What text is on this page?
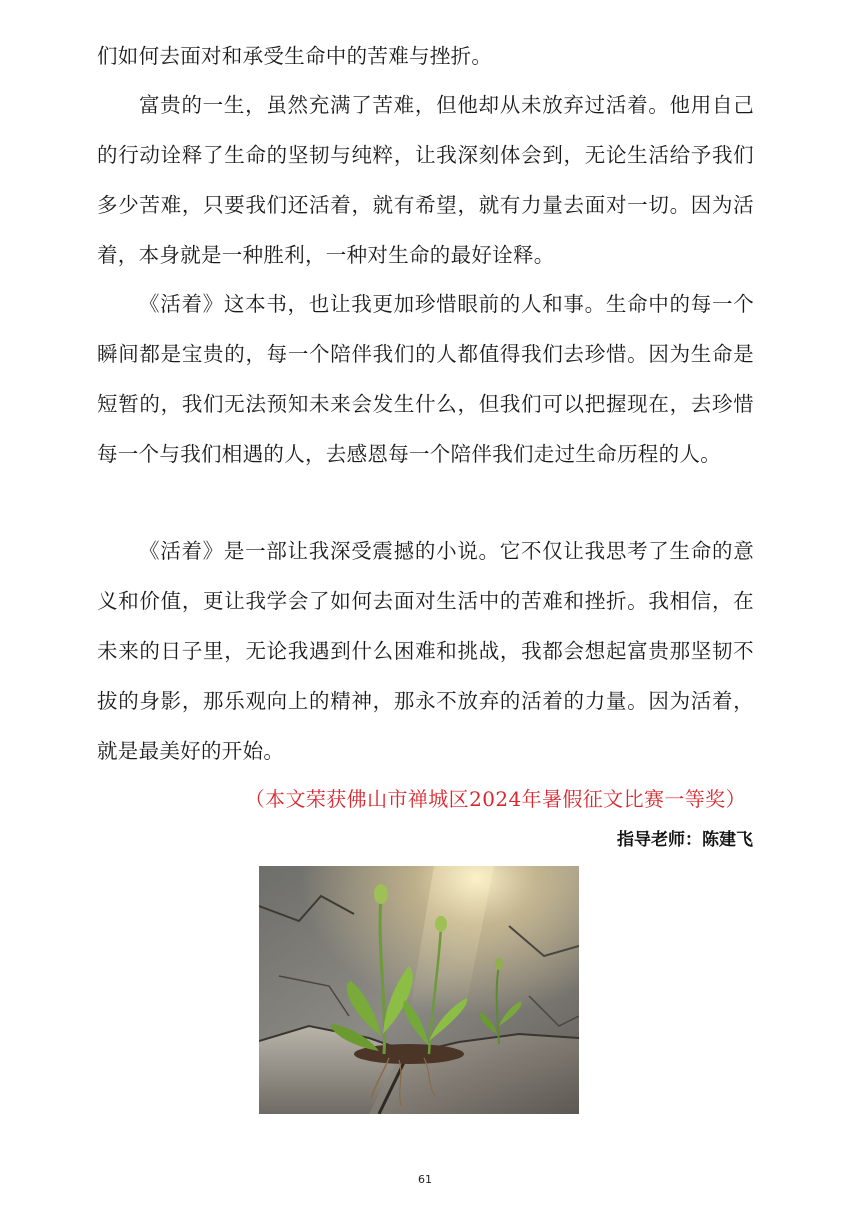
们如何去面对和承受生命中的苦难与挫折。

富贵的一生，虽然充满了苦难，但他却从未放弃过活着。他用自己的行动诠释了生命的坚韧与纯粹，让我深刻体会到，无论生活给予我们多少苦难，只要我们还活着，就有希望，就有力量去面对一切。因为活着，本身就是一种胜利，一种对生命的最好诠释。

《活着》这本书，也让我更加珍惜眼前的人和事。生命中的每一个瞬间都是宝贵的，每一个陪伴我们的人都值得我们去珍惜。因为生命是短暂的，我们无法预知未来会发生什么，但我们可以把握现在，去珍惜每一个与我们相遇的人，去感恩每一个陪伴我们走过生命历程的人。

《活着》是一部让我深受震撼的小说。它不仅让我思考了生命的意义和价值，更让我学会了如何去面对生活中的苦难和挫折。我相信，在未来的日子里，无论我遇到什么困难和挑战，我都会想起富贵那坚韧不拔的身影，那乐观向上的精神，那永不放弃的活着的力量。因为活着，就是最美好的开始。

（本文荣获佛山市禅城区2024年暑假征文比赛一等奖）

指导老师：陈建飞

61
